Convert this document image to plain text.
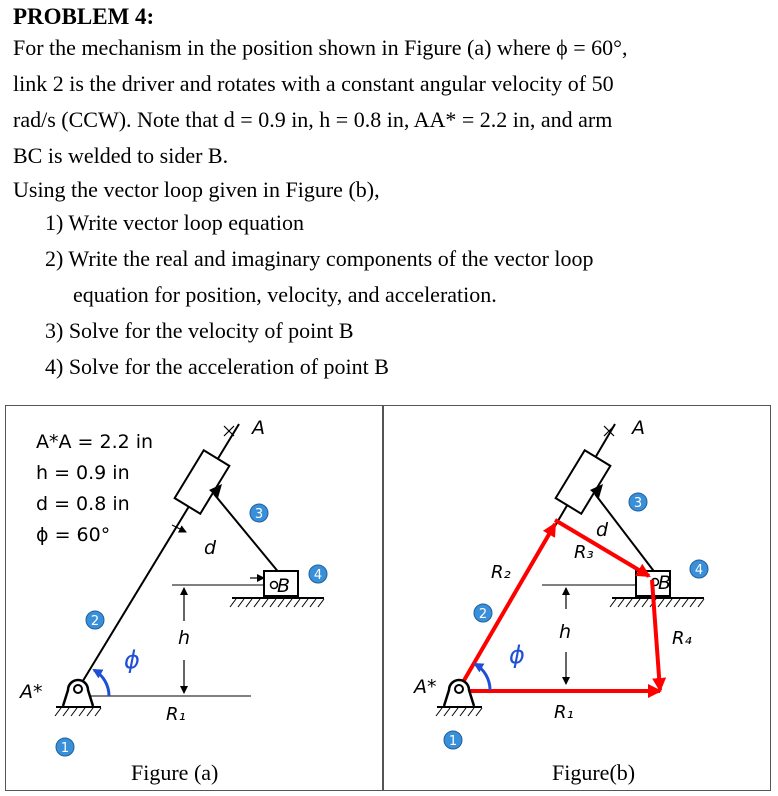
PROBLEM 4:
For the mechanism in the position shown in Figure (a) where ϕ = 60°,
link 2 is the driver and rotates with a constant angular velocity of 50
rad/s (CCW). Note that d = 0.9 in, h = 0.8 in, AA* = 2.2 in, and arm
BC is welded to sider B.
Using the vector loop given in Figure (b),
1) Write vector loop equation
2) Write the real and imaginary components of the vector loop
equation for position, velocity, and acceleration.
3) Solve for the velocity of point B
4) Solve for the acceleration of point B
A*A = 2.2 in
h = 0.9 in
d = 0.8 in
ϕ = 60°
A
d
B
h
R₁
ϕ
A*
1
2
3
4
Figure (a)
A
d
B
h
R₂
R₃
R₄
R₁
ϕ
A*
1
2
3
4
Figure(b)
